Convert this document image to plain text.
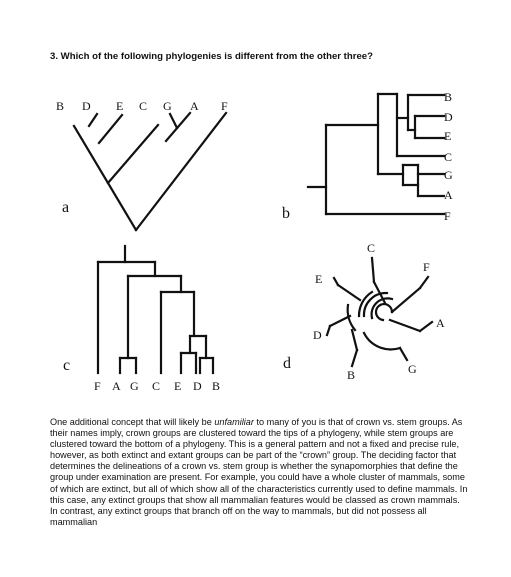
3. Which of the following phylogenies is different from the other three?
B D E C G A F
a
B
D
E
C
G
A
F
b
F A G C E D B
c
C
F
E
A
D
B	G
d

One additional concept that will likely be unfamiliar to many of you is that of crown vs. stem groups. As their names imply, crown groups are clustered toward the tips of a phylogeny, while stem groups are clustered toward the bottom of a phylogeny. This is a general pattern and not a fixed and precise rule, however, as both extinct and extant groups can be part of the “crown” group. The deciding factor that determines the delineations of a crown vs. stem group is whether the synapomorphies that define the group under examination are present. For example, you could have a whole cluster of mammals, some of which are extinct, but all of which show all of the characteristics currently used to define mammals. In this case, any extinct groups that show all mammalian features would be classed as crown mammals. In contrast, any extinct groups that branch off on the way to mammals, but did not possess all mammalian
